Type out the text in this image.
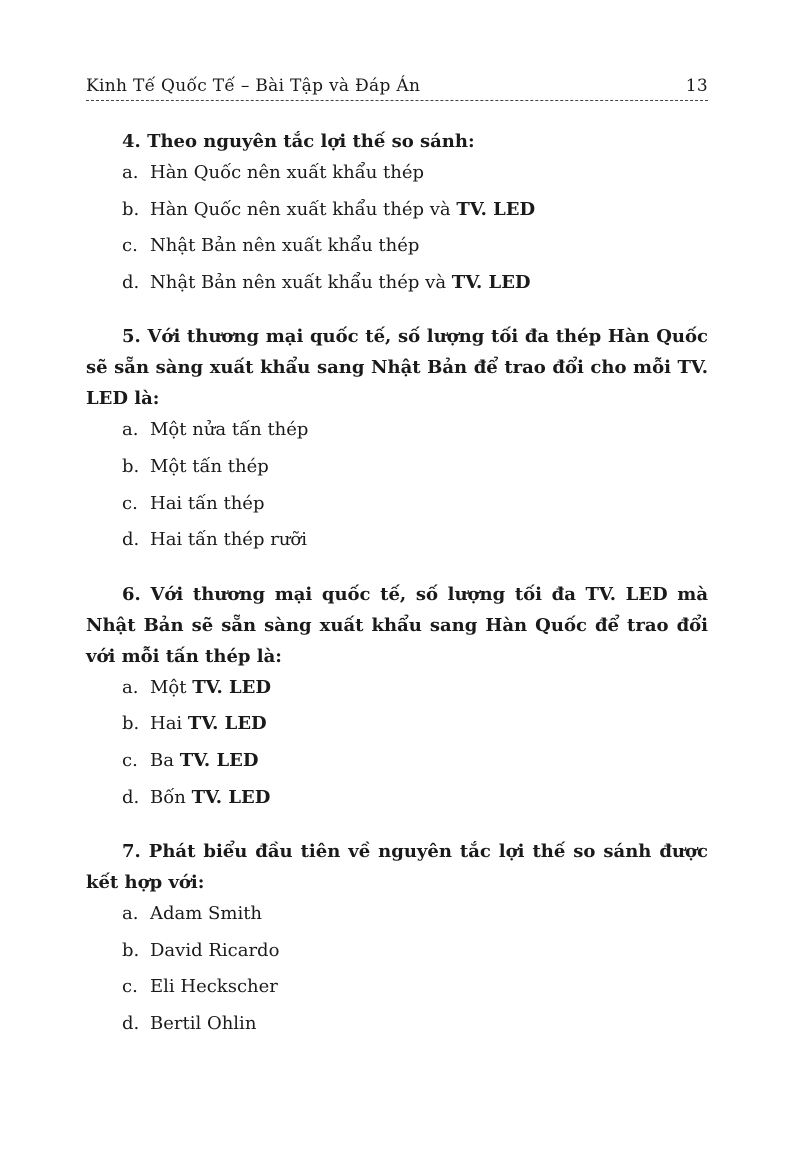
Kinh Tế Quốc Tế – Bài Tập và Đáp Án	13

4. Theo nguyên tắc lợi thế so sánh:

a. Hàn Quốc nên xuất khẩu thép
b. Hàn Quốc nên xuất khẩu thép và TV. LED
c. Nhật Bản nên xuất khẩu thép
d. Nhật Bản nên xuất khẩu thép và TV. LED

5. Với thương mại quốc tế, số lượng tối đa thép Hàn Quốc sẽ sẵn sàng xuất khẩu sang Nhật Bản để trao đổi cho mỗi TV. LED là:

a. Một nửa tấn thép
b. Một tấn thép
c. Hai tấn thép
d. Hai tấn thép rưỡi

6. Với thương mại quốc tế, số lượng tối đa TV. LED mà Nhật Bản sẽ sẵn sàng xuất khẩu sang Hàn Quốc để trao đổi với mỗi tấn thép là:

a. Một TV. LED
b. Hai TV. LED
c. Ba TV. LED
d. Bốn TV. LED

7. Phát biểu đầu tiên về nguyên tắc lợi thế so sánh được kết hợp với:

a. Adam Smith
b. David Ricardo
c. Eli Heckscher
d. Bertil Ohlin
